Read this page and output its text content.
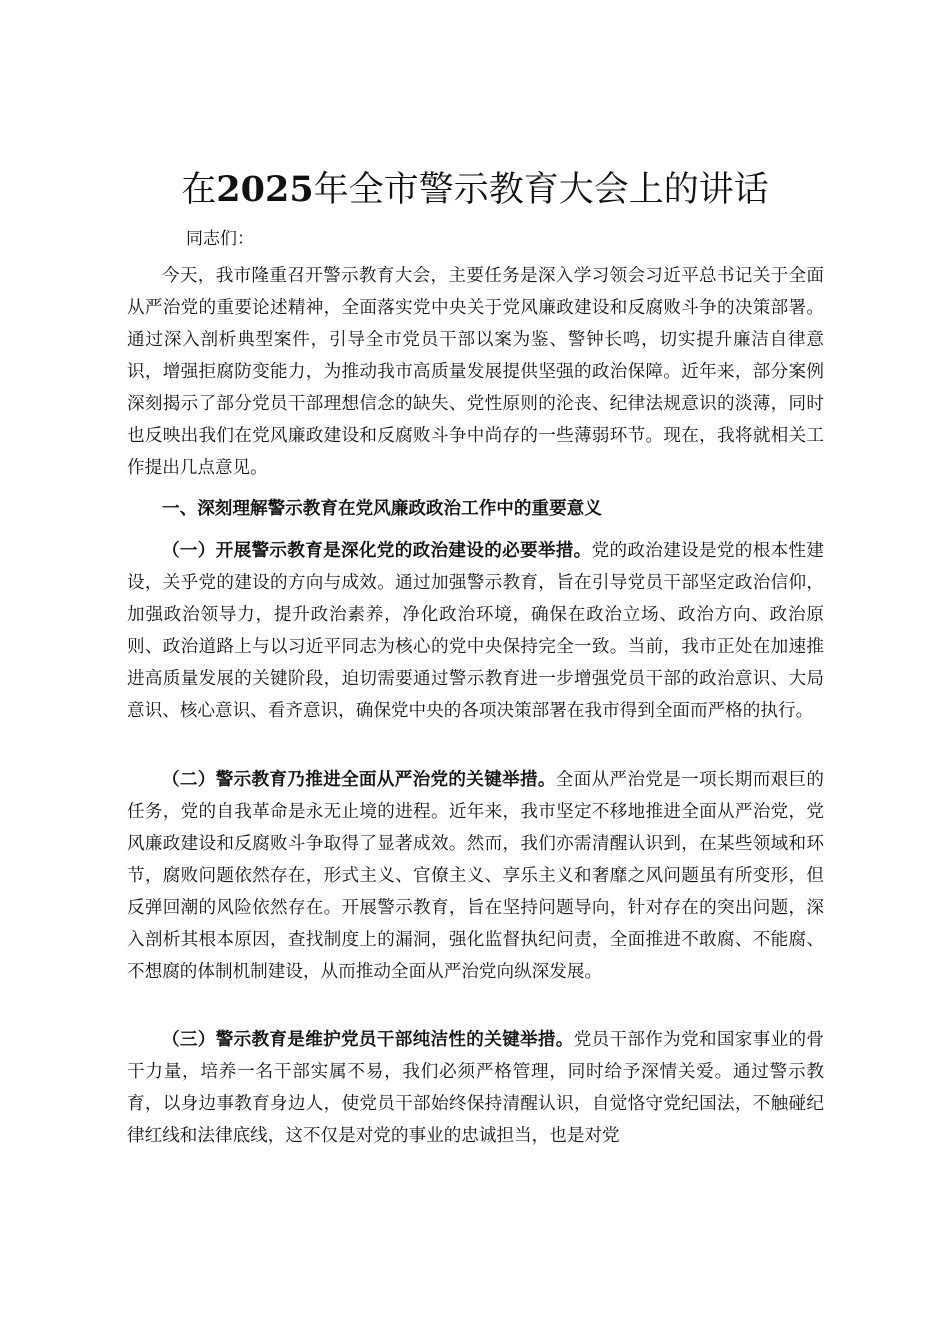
在2025年全市警示教育大会上的讲话

同志们：

今天，我市隆重召开警示教育大会，主要任务是深入学习领会习近平总书记关于全面从严治党的重要论述精神，全面落实党中央关于党风廉政建设和反腐败斗争的决策部署。通过深入剖析典型案件，引导全市党员干部以案为鉴、警钟长鸣，切实提升廉洁自律意识，增强拒腐防变能力，为推动我市高质量发展提供坚强的政治保障。近年来，部分案例深刻揭示了部分党员干部理想信念的缺失、党性原则的沦丧、纪律法规意识的淡薄，同时也反映出我们在党风廉政建设和反腐败斗争中尚存的一些薄弱环节。现在，我将就相关工作提出几点意见。

一、深刻理解警示教育在党风廉政政治工作中的重要意义

（一）开展警示教育是深化党的政治建设的必要举措。党的政治建设是党的根本性建设，关乎党的建设的方向与成效。通过加强警示教育，旨在引导党员干部坚定政治信仰，加强政治领导力，提升政治素养，净化政治环境，确保在政治立场、政治方向、政治原则、政治道路上与以习近平同志为核心的党中央保持完全一致。当前，我市正处在加速推进高质量发展的关键阶段，迫切需要通过警示教育进一步增强党员干部的政治意识、大局意识、核心意识、看齐意识，确保党中央的各项决策部署在我市得到全面而严格的执行。

（二）警示教育乃推进全面从严治党的关键举措。全面从严治党是一项长期而艰巨的任务，党的自我革命是永无止境的进程。近年来，我市坚定不移地推进全面从严治党，党风廉政建设和反腐败斗争取得了显著成效。然而，我们亦需清醒认识到，在某些领域和环节，腐败问题依然存在，形式主义、官僚主义、享乐主义和奢靡之风问题虽有所变形，但反弹回潮的风险依然存在。开展警示教育，旨在坚持问题导向，针对存在的突出问题，深入剖析其根本原因，查找制度上的漏洞，强化监督执纪问责，全面推进不敢腐、不能腐、不想腐的体制机制建设，从而推动全面从严治党向纵深发展。

（三）警示教育是维护党员干部纯洁性的关键举措。党员干部作为党和国家事业的骨干力量，培养一名干部实属不易，我们必须严格管理，同时给予深情关爱。通过警示教育，以身边事教育身边人，使党员干部始终保持清醒认识，自觉恪守党纪国法，不触碰纪律红线和法律底线，这不仅是对党的事业的忠诚担当，也是对党
